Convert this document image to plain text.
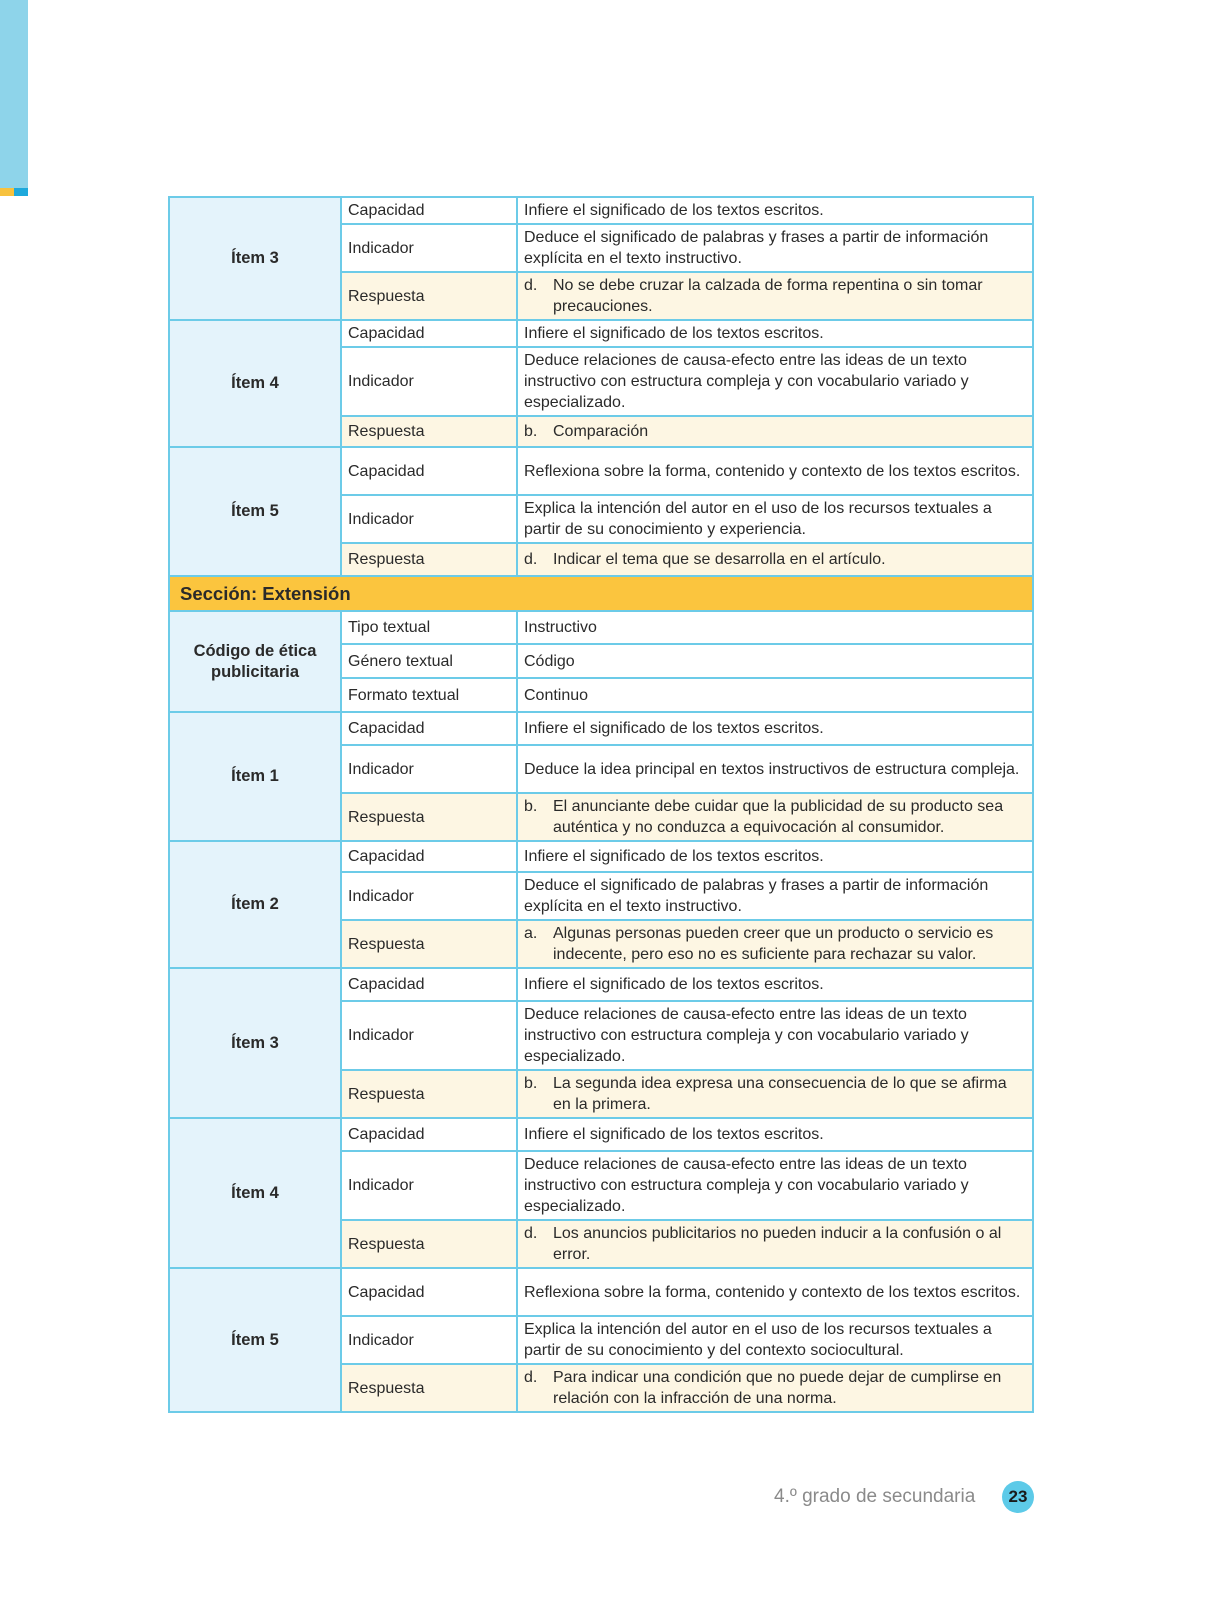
Ítem 3	Capacidad	Infiere el significado de los textos escritos.
	Indicador	Deduce el significado de palabras y frases a partir de información explícita en el texto instructivo.
	Respuesta	d. No se debe cruzar la calzada de forma repentina o sin tomar precauciones.

Ítem 4	Capacidad	Infiere el significado de los textos escritos.
	Indicador	Deduce relaciones de causa-efecto entre las ideas de un texto instructivo con estructura compleja y con vocabulario variado y especializado.
	Respuesta	b. Comparación

Ítem 5	Capacidad	Reflexiona sobre la forma, contenido y contexto de los textos escritos.
	Indicador	Explica la intención del autor en el uso de los recursos textuales a partir de su conocimiento y experiencia.
	Respuesta	d. Indicar el tema que se desarrolla en el artículo.

Sección: Extensión		
Código de ética publicitaria	Tipo textual	Instructivo
	Género textual	Código
	Formato textual	Continuo
Ítem 1	Capacidad	Infiere el significado de los textos escritos.
	Indicador	Deduce la idea principal en textos instructivos de estructura compleja.
	Respuesta	b. El anunciante debe cuidar que la publicidad de su producto sea auténtica y no conduzca a equivocación al consumidor.

Ítem 2	Capacidad	Infiere el significado de los textos escritos.
	Indicador	Deduce el significado de palabras y frases a partir de información explícita en el texto instructivo.
	Respuesta	a. Algunas personas pueden creer que un producto o servicio es indecente, pero eso no es suficiente para rechazar su valor.

Ítem 3	Capacidad	Infiere el significado de los textos escritos.
	Indicador	Deduce relaciones de causa-efecto entre las ideas de un texto instructivo con estructura compleja y con vocabulario variado y especializado.
	Respuesta	b. La segunda idea expresa una consecuencia de lo que se afirma en la primera.

Ítem 4	Capacidad	Infiere el significado de los textos escritos.
	Indicador	Deduce relaciones de causa-efecto entre las ideas de un texto instructivo con estructura compleja y con vocabulario variado y especializado.
	Respuesta	d. Los anuncios publicitarios no pueden inducir a la confusión o al error.

Ítem 5	Capacidad	Reflexiona sobre la forma, contenido y contexto de los textos escritos.
	Indicador	Explica la intención del autor en el uso de los recursos textuales a partir de su conocimiento y del contexto sociocultural.
	Respuesta	d. Para indicar una condición que no puede dejar de cumplirse en relación con la infracción de una norma.
4.º grado de secundaria	23
